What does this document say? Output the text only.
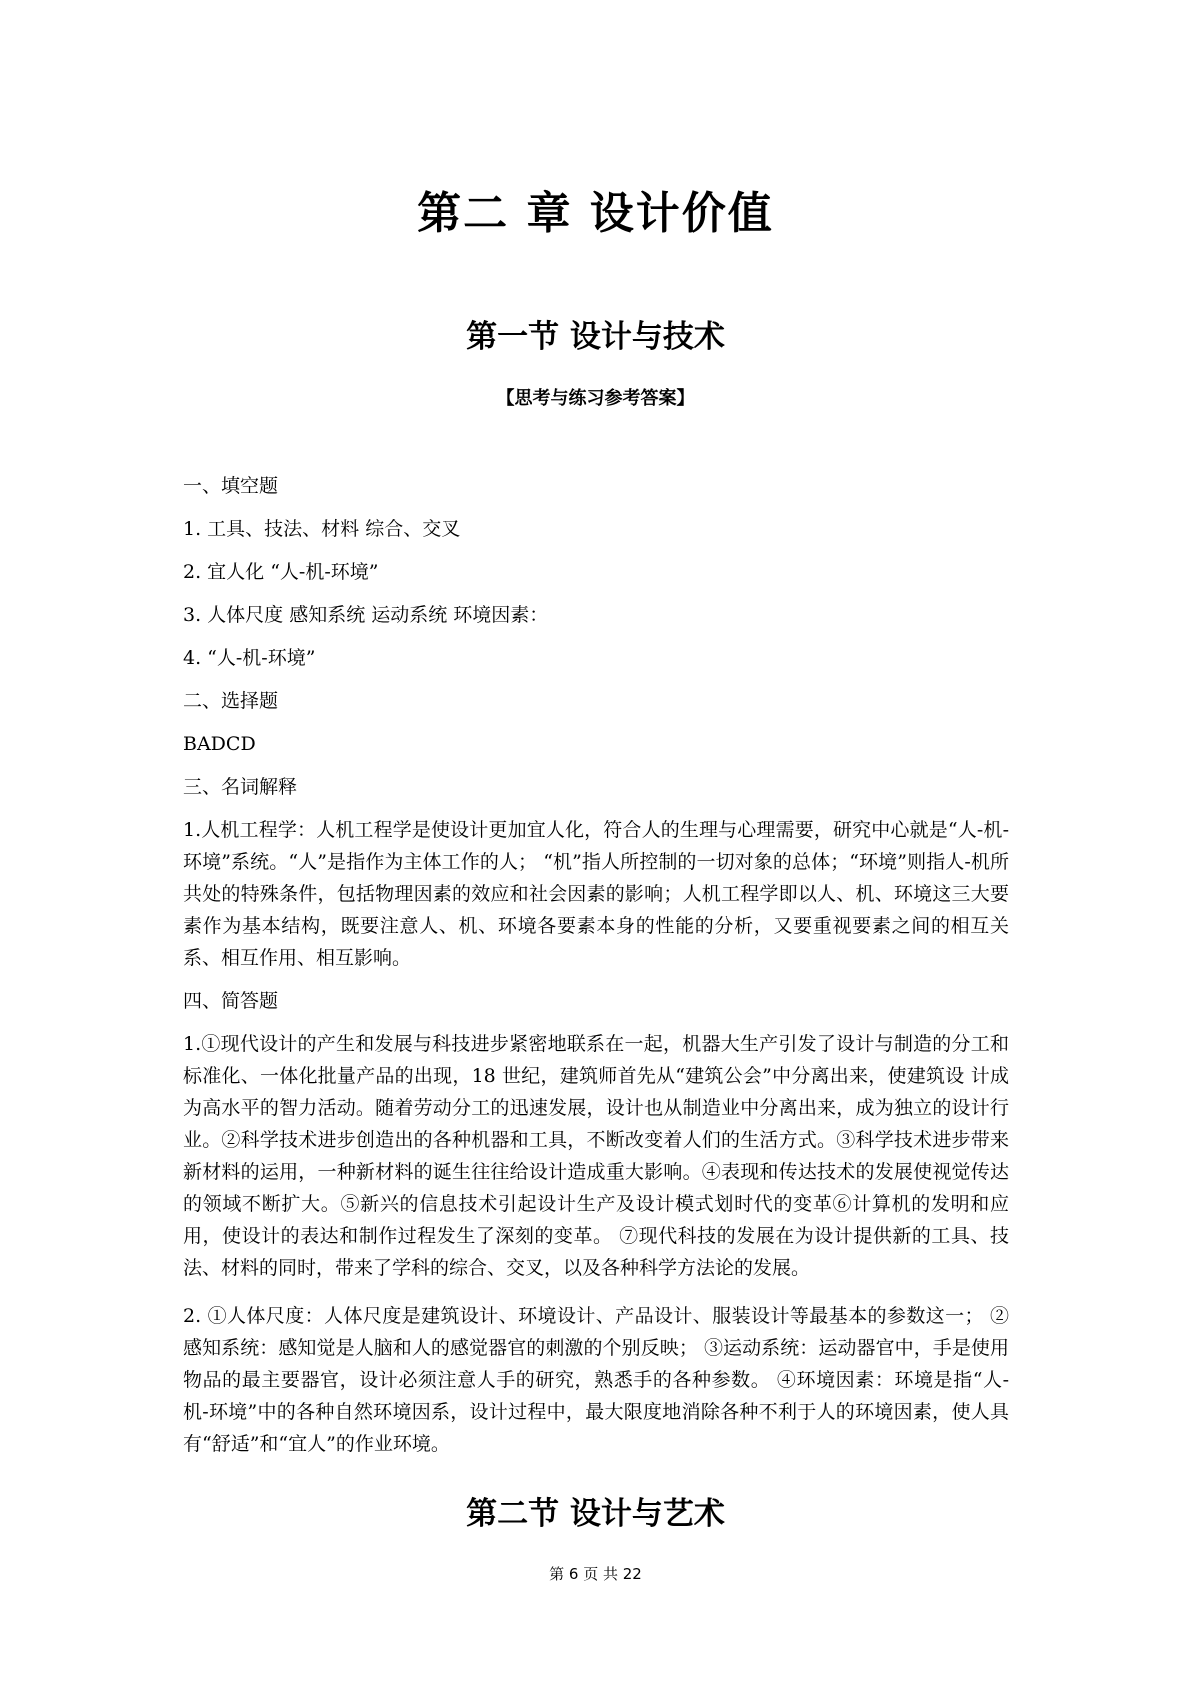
第二 章 设计价值
第一节 设计与技术
【思考与练习参考答案】
一、填空题
1. 工具、技法、材料 综合、交叉
2. 宜人化 “人-机-环境”
3. 人体尺度 感知系统 运动系统 环境因素：
4. “人-机-环境”
二、选择题
BADCD
三、名词解释
1.人机工程学：人机工程学是使设计更加宜人化，符合人的生理与心理需要，研究中心就是“人-机-环境”系统。“人”是指作为主体工作的人； “机”指人所控制的一切对象的总体；“环境”则指人-机所共处的特殊条件，包括物理因素的效应和社会因素的影响；人机工程学即以人、机、环境这三大要素作为基本结构，既要注意人、机、环境各要素本身的性能的分析，又要重视要素之间的相互关系、相互作用、相互影响。
四、简答题
1.①现代设计的产生和发展与科技进步紧密地联系在一起，机器大生产引发了设计与制造的分工和标准化、一体化批量产品的出现，18 世纪，建筑师首先从“建筑公会”中分离出来，使建筑设 计成为高水平的智力活动。随着劳动分工的迅速发展，设计也从制造业中分离出来，成为独立的设计行业。②科学技术进步创造出的各种机器和工具，不断改变着人们的生活方式。③科学技术进步带来新材料的运用，一种新材料的诞生往往给设计造成重大影响。④表现和传达技术的发展使视觉传达的领域不断扩大。⑤新兴的信息技术引起设计生产及设计模式划时代的变革⑥计算机的发明和应用，使设计的表达和制作过程发生了深刻的变革。 ⑦现代科技的发展在为设计提供新的工具、技法、材料的同时，带来了学科的综合、交叉，以及各种科学方法论的发展。
2. ①人体尺度：人体尺度是建筑设计、环境设计、产品设计、服装设计等最基本的参数这一； ②感知系统：感知觉是人脑和人的感觉器官的刺激的个别反映； ③运动系统：运动器官中，手是使用物品的最主要器官，设计必须注意人手的研究，熟悉手的各种参数。 ④环境因素：环境是指“人-机-环境”中的各种自然环境因系，设计过程中，最大限度地消除各种不利于人的环境因素，使人具有“舒适”和“宜人”的作业环境。
第二节 设计与艺术
第 6 页 共 22
